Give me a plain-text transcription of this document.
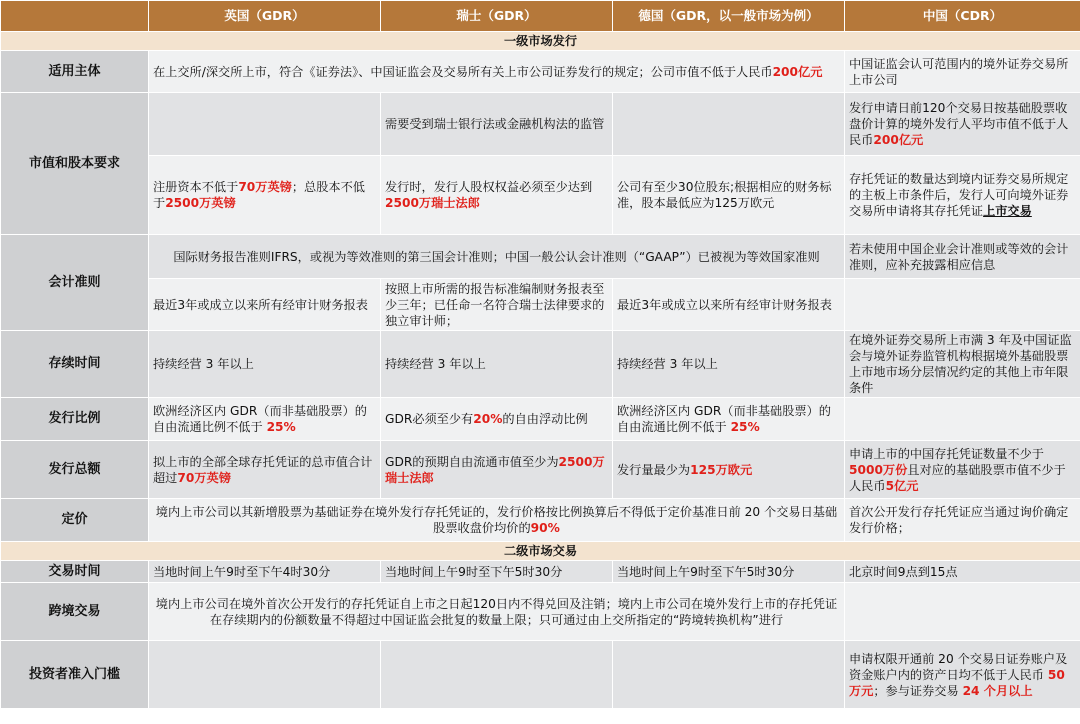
	英国（GDR）	瑞士（GDR）	德国（GDR，以一般市场为例）	中国（CDR）
一级市场发行				
适用主体	在上交所/深交所上市，符合《证券法》、中国证监会及交易所有关上市公司证券发行的规定；公司市值不低于人民币200亿元			中国证监会认可范围内的境外证券交易所上市公司
市值和股本要求		需要受到瑞士银行法或金融机构法的监管		发行申请日前120个交易日按基础股票收盘价计算的境外发行人平均市值不低于人民币200亿元
	注册资本不低于70万英镑；总股本不低于2500万英镑	发行时，发行人股权权益必须至少达到2500万瑞士法郎	公司有至少30位股东;根据相应的财务标准，股本最低应为125万欧元	存托凭证的数量达到境内证券交易所规定的主板上市条件后，发行人可向境外证券交易所申请将其存托凭证上市交易
会计准则	国际财务报告准则IFRS，或视为等效准则的第三国会计准则；中国一般公认会计准则（“GAAP”）已被视为等效国家准则			若未使用中国企业会计准则或等效的会计准则，应补充披露相应信息
	最近3年或成立以来所有经审计财务报表	按照上市所需的报告标准编制财务报表至少三年；已任命一名符合瑞士法律要求的独立审计师；	最近3年或成立以来所有经审计财务报表	
存续时间	持续经营 3 年以上	持续经营 3 年以上	持续经营 3 年以上	在境外证券交易所上市满 3 年及中国证监会与境外证券监管机构根据境外基础股票上市地市场分层情况约定的其他上市年限条件
发行比例	欧洲经济区内 GDR（而非基础股票）的自由流通比例不低于 25%	GDR必须至少有20%的自由浮动比例	欧洲经济区内 GDR（而非基础股票）的自由流通比例不低于 25%	
发行总额	拟上市的全部全球存托凭证的总市值合计超过70万英镑	GDR的预期自由流通市值至少为2500万瑞士法郎	发行量最少为125万欧元	申请上市的中国存托凭证数量不少于5000万份且对应的基础股票市值不少于人民币5亿元
定价	境内上市公司以其新增股票为基础证券在境外发行存托凭证的，发行价格按比例换算后不得低于定价基准日前 20 个交易日基础股票收盘价均价的90%			首次公开发行存托凭证应当通过询价确定发行价格；
二级市场交易				
交易时间	当地时间上午9时至下午4时30分	当地时间上午9时至下午5时30分	当地时间上午9时至下午5时30分	北京时间9点到15点
跨境交易	境内上市公司在境外首次公开发行的存托凭证自上市之日起120日内不得兑回及注销；境内上市公司在境外发行上市的存托凭证在存续期内的份额数量不得超过中国证监会批复的数量上限；只可通过由上交所指定的“跨境转换机构”进行			
投资者准入门槛				申请权限开通前 20 个交易日证券账户及资金账户内的资产日均不低于人民币 50 万元；参与证券交易 24 个月以上
